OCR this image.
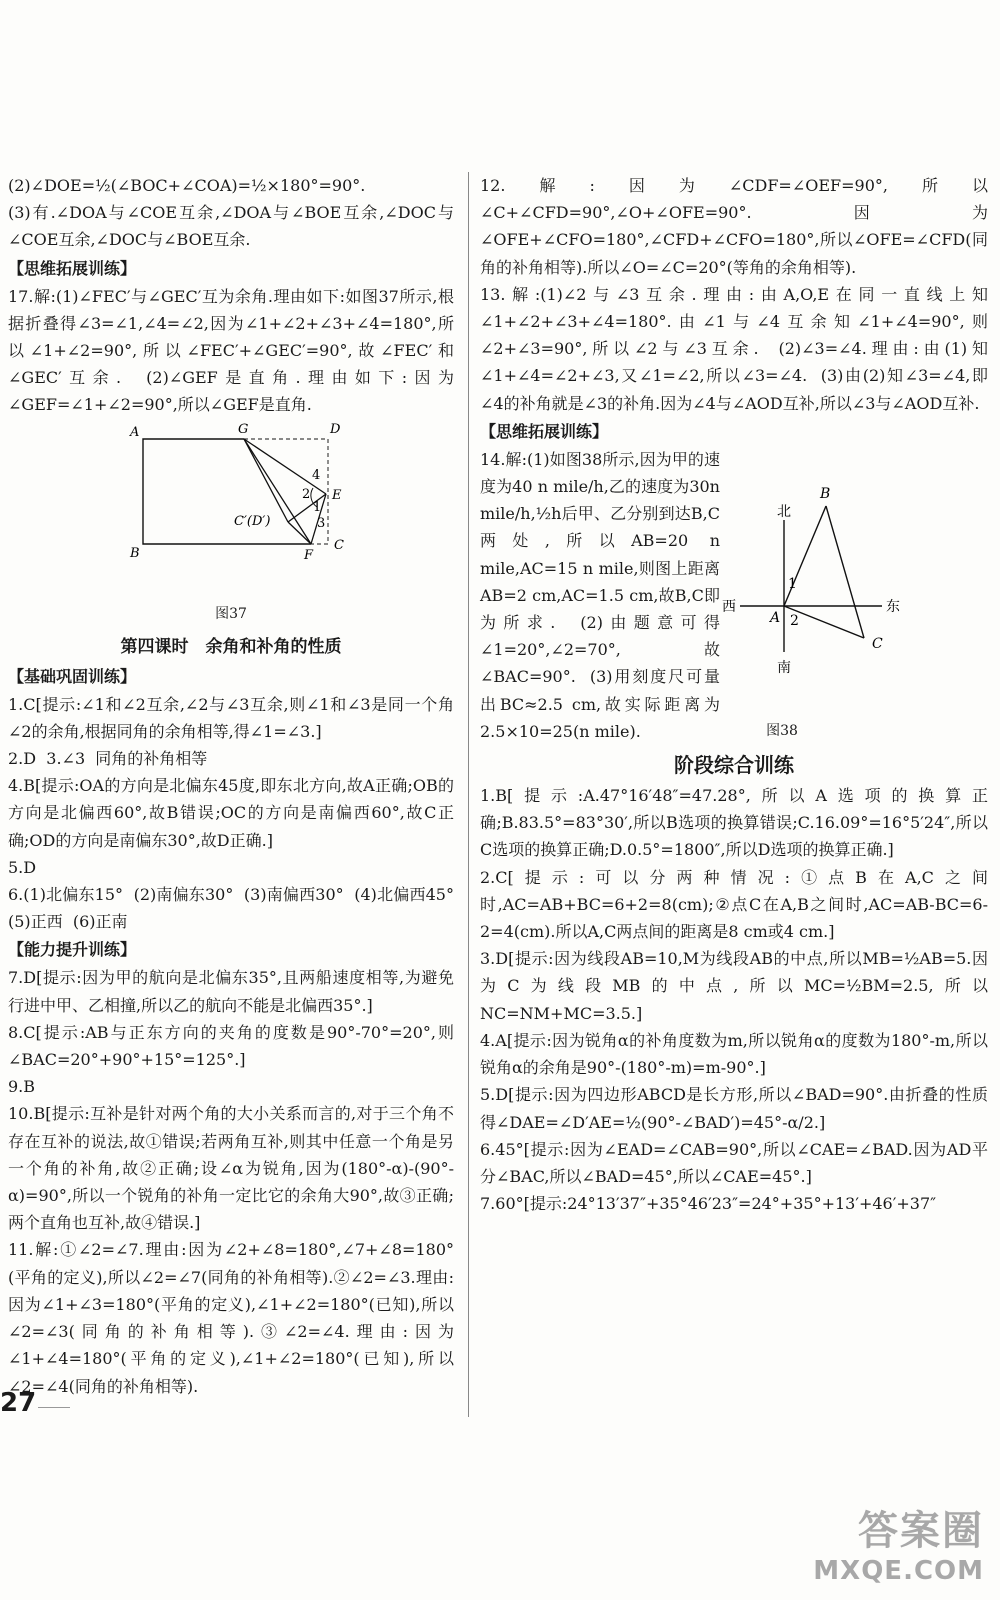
(2)∠DOE=½(∠BOC+∠COA)=½×180°=90°.

(3)有.∠DOA与∠COE互余,∠DOA与∠BOE互余,∠DOC与∠COE互余,∠DOC与∠BOE互余.

【思维拓展训练】

17.解:(1)∠FEC′与∠GEC′互为余角.理由如下:如图37所示,根据折叠得∠3=∠1,∠4=∠2,因为∠1+∠2+∠3+∠4=180°,所以∠1+∠2=90°,所以∠FEC′+∠GEC′=90°,故∠FEC′和∠GEC′互余.  (2)∠GEF是直角.理由如下:因为∠GEF=∠1+∠2=90°,所以∠GEF是直角.

A
B
G	D
E
F
C
C′(D′)
4
2
1
3
图37
第四课时　余角和补角的性质
【基础巩固训练】

1.C[提示:∠1和∠2互余,∠2与∠3互余,则∠1和∠3是同一个角∠2的余角,根据同角的余角相等,得∠1=∠3.]

2.D  3.∠3  同角的补角相等

4.B[提示:OA的方向是北偏东45度,即东北方向,故A正确;OB的方向是北偏西60°,故B错误;OC的方向是南偏西60°,故C正确;OD的方向是南偏东30°,故D正确.]

5.D

6.(1)北偏东15°  (2)南偏东30°  (3)南偏西30°  (4)北偏西45°  (5)正西  (6)正南

【能力提升训练】

7.D[提示:因为甲的航向是北偏东35°,且两船速度相等,为避免行进中甲、乙相撞,所以乙的航向不能是北偏西35°.]

8.C[提示:AB与正东方向的夹角的度数是90°-70°=20°,则∠BAC=20°+90°+15°=125°.]

9.B

10.B[提示:互补是针对两个角的大小关系而言的,对于三个角不存在互补的说法,故①错误;若两角互补,则其中任意一个角是另一个角的补角,故②正确;设∠α为锐角,因为(180°-α)-(90°-α)=90°,所以一个锐角的补角一定比它的余角大90°,故③正确;两个直角也互补,故④错误.]

11.解:①∠2=∠7.理由:因为∠2+∠8=180°,∠7+∠8=180°(平角的定义),所以∠2=∠7(同角的补角相等).②∠2=∠3.理由:因为∠1+∠3=180°(平角的定义),∠1+∠2=180°(已知),所以∠2=∠3(同角的补角相等).③∠2=∠4.理由:因为∠1+∠4=180°(平角的定义),∠1+∠2=180°(已知),所以∠2=∠4(同角的补角相等).

12.解:因为∠CDF=∠OEF=90°,所以∠C+∠CFD=90°,∠O+∠OFE=90°.因为∠OFE+∠CFO=180°,∠CFD+∠CFO=180°,所以∠OFE=∠CFD(同角的补角相等).所以∠O=∠C=20°(等角的余角相等).

13.解:(1)∠2与∠3互余.理由:由A,O,E在同一直线上知∠1+∠2+∠3+∠4=180°.由∠1与∠4互余知∠1+∠4=90°,则∠2+∠3=90°,所以∠2与∠3互余.  (2)∠3=∠4.理由:由(1)知∠1+∠4=∠2+∠3,又∠1=∠2,所以∠3=∠4.  (3)由(2)知∠3=∠4,即∠4的补角就是∠3的补角.因为∠4与∠AOD互补,所以∠3与∠AOD互补.

【思维拓展训练】

14.解:(1)如图38所示,因为甲的速度为40 n mile/h,乙的速度为30n mile/h,½h后甲、乙分别到达B,C两处,所以AB=20 n mile,AC=15 n mile,则图上距离AB=2 cm,AC=1.5 cm,故B,C即为所求.  (2)由题意可得∠1=20°,∠2=70°,故∠BAC=90°.  (3)用刻度尺可量出BC≈2.5 cm,故实际距离为2.5×10=25(n mile).

阶段综合训练

1.B[提示:A.47°16′48″=47.28°,所以A选项的换算正确;B.83.5°=83°30′,所以B选项的换算错误;C.16.09°=16°5′24″,所以C选项的换算正确;D.0.5°=1800″,所以D选项的换算正确.]

2.C[提示:可以分两种情况:①点B在A,C之间时,AC=AB+BC=6+2=8(cm);②点C在A,B之间时,AC=AB-BC=6-2=4(cm).所以A,C两点间的距离是8 cm或4 cm.]

3.D[提示:因为线段AB=10,M为线段AB的中点,所以MB=½AB=5.因为C为线段MB的中点,所以MC=½BM=2.5,所以NC=NM+MC=3.5.]

4.A[提示:因为锐角α的补角度数为m,所以锐角α的度数为180°-m,所以锐角α的余角是90°-(180°-m)=m-90°.]

5.D[提示:因为四边形ABCD是长方形,所以∠BAD=90°.由折叠的性质得∠DAE=∠D′AE=½(90°-∠BAD′)=45°-α/2.]

6.45°[提示:因为∠EAD=∠CAB=90°,所以∠CAE=∠BAD.因为AD平分∠BAC,所以∠BAD=45°,所以∠CAE=45°.]

7.60°[提示:24°13′37″+35°46′23″=24°+35°+13′+46′+37″

北
南
西	东
A
B
C
1
2
图38
27
答案圈
MXQE.COM
